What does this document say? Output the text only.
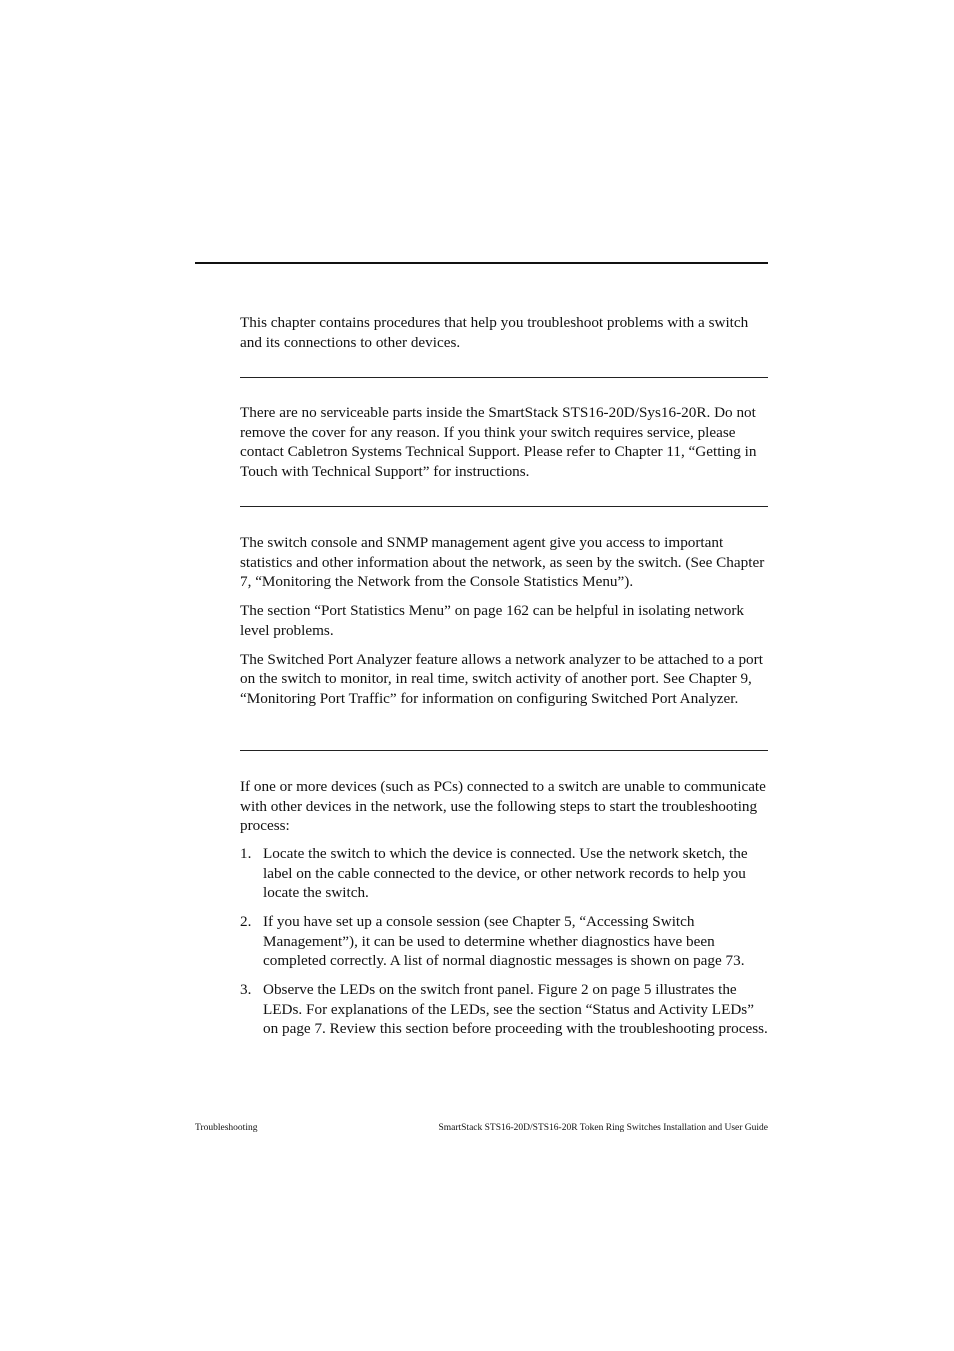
This chapter contains procedures that help you troubleshoot problems with a switch and its connections to other devices.

There are no serviceable parts inside the SmartStack STS16-20D/Sys16-20R. Do not remove the cover for any reason. If you think your switch requires service, please contact Cabletron Systems Technical Support. Please refer to Chapter 11, “Getting in Touch with Technical Support” for instructions.

The switch console and SNMP management agent give you access to important statistics and other information about the network, as seen by the switch. (See Chapter 7, “Monitoring the Network from the Console Statistics Menu”).

The section “Port Statistics Menu” on page 162 can be helpful in isolating network level problems.

The Switched Port Analyzer feature allows a network analyzer to be attached to a port on the switch to monitor, in real time, switch activity of another port. See Chapter 9, “Monitoring Port Traffic” for information on configuring Switched Port Analyzer.

If one or more devices (such as PCs) connected to a switch are unable to communicate with other devices in the network, use the following steps to start the troubleshooting process:

1. Locate the switch to which the device is connected. Use the network sketch, the label on the cable connected to the device, or other network records to help you locate the switch.
2. If you have set up a console session (see Chapter 5, “Accessing Switch Management”), it can be used to determine whether diagnostics have been completed correctly. A list of normal diagnostic messages is shown on page 73.
3. Observe the LEDs on the switch front panel. Figure 2 on page 5 illustrates the LEDs. For explanations of the LEDs, see the section “Status and Activity LEDs” on page 7. Review this section before proceeding with the troubleshooting process.
Troubleshooting	SmartStack STS16-20D/STS16-20R Token Ring Switches Installation and User Guide
